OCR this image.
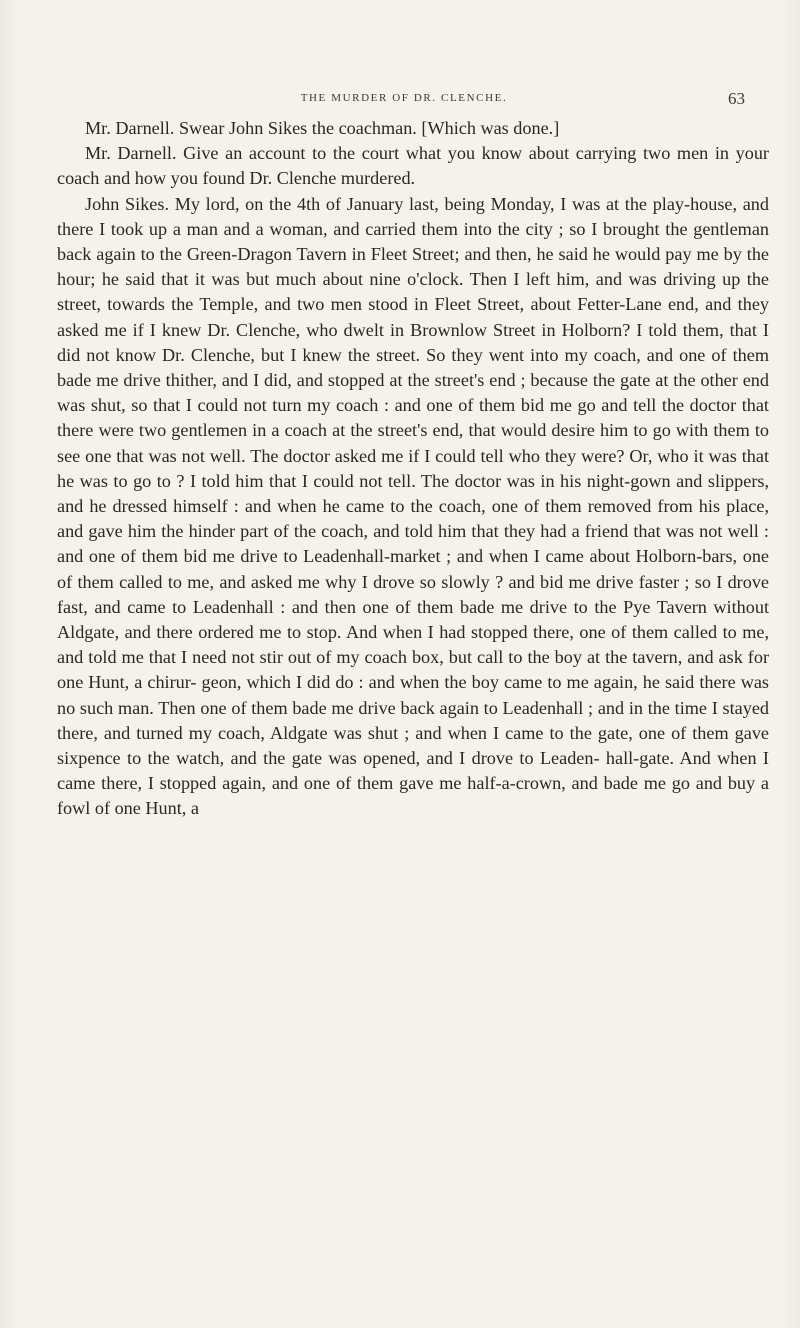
THE MURDER OF DR. CLENCHE.	63

Mr. Darnell. Swear John Sikes the coachman. [Which was done.]

Mr. Darnell. Give an account to the court what you know about carrying two men in your coach and how you found Dr. Clenche murdered.

John Sikes. My lord, on the 4th of January last, being Monday, I was at the play-house, and there I took up a man and a woman, and carried them into the city ; so I brought the gentleman back again to the Green-Dragon Tavern in Fleet Street; and then, he said he would pay me by the hour; he said that it was but much about nine o'clock. Then I left him, and was driving up the street, towards the Temple, and two men stood in Fleet Street, about Fetter-Lane end, and they asked me if I knew Dr. Clenche, who dwelt in Brownlow Street in Holborn? I told them, that I did not know Dr. Clenche, but I knew the street. So they went into my coach, and one of them bade me drive thither, and I did, and stopped at the street's end ; because the gate at the other end was shut, so that I could not turn my coach : and one of them bid me go and tell the doctor that there were two gentlemen in a coach at the street's end, that would desire him to go with them to see one that was not well. The doctor asked me if I could tell who they were? Or, who it was that he was to go to ? I told him that I could not tell. The doctor was in his night-gown and slippers, and he dressed himself : and when he came to the coach, one of them removed from his place, and gave him the hinder part of the coach, and told him that they had a friend that was not well : and one of them bid me drive to Leadenhall-market ; and when I came about Holborn-bars, one of them called to me, and asked me why I drove so slowly ? and bid me drive faster ; so I drove fast, and came to Leadenhall : and then one of them bade me drive to the Pye Tavern without Aldgate, and there ordered me to stop. And when I had stopped there, one of them called to me, and told me that I need not stir out of my coach box, but call to the boy at the tavern, and ask for one Hunt, a chirur- geon, which I did do : and when the boy came to me again, he said there was no such man. Then one of them bade me drive back again to Leadenhall ; and in the time I stayed there, and turned my coach, Aldgate was shut ; and when I came to the gate, one of them gave sixpence to the watch, and the gate was opened, and I drove to Leaden- hall-gate. And when I came there, I stopped again, and one of them gave me half-a-crown, and bade me go and buy a fowl of one Hunt, a
